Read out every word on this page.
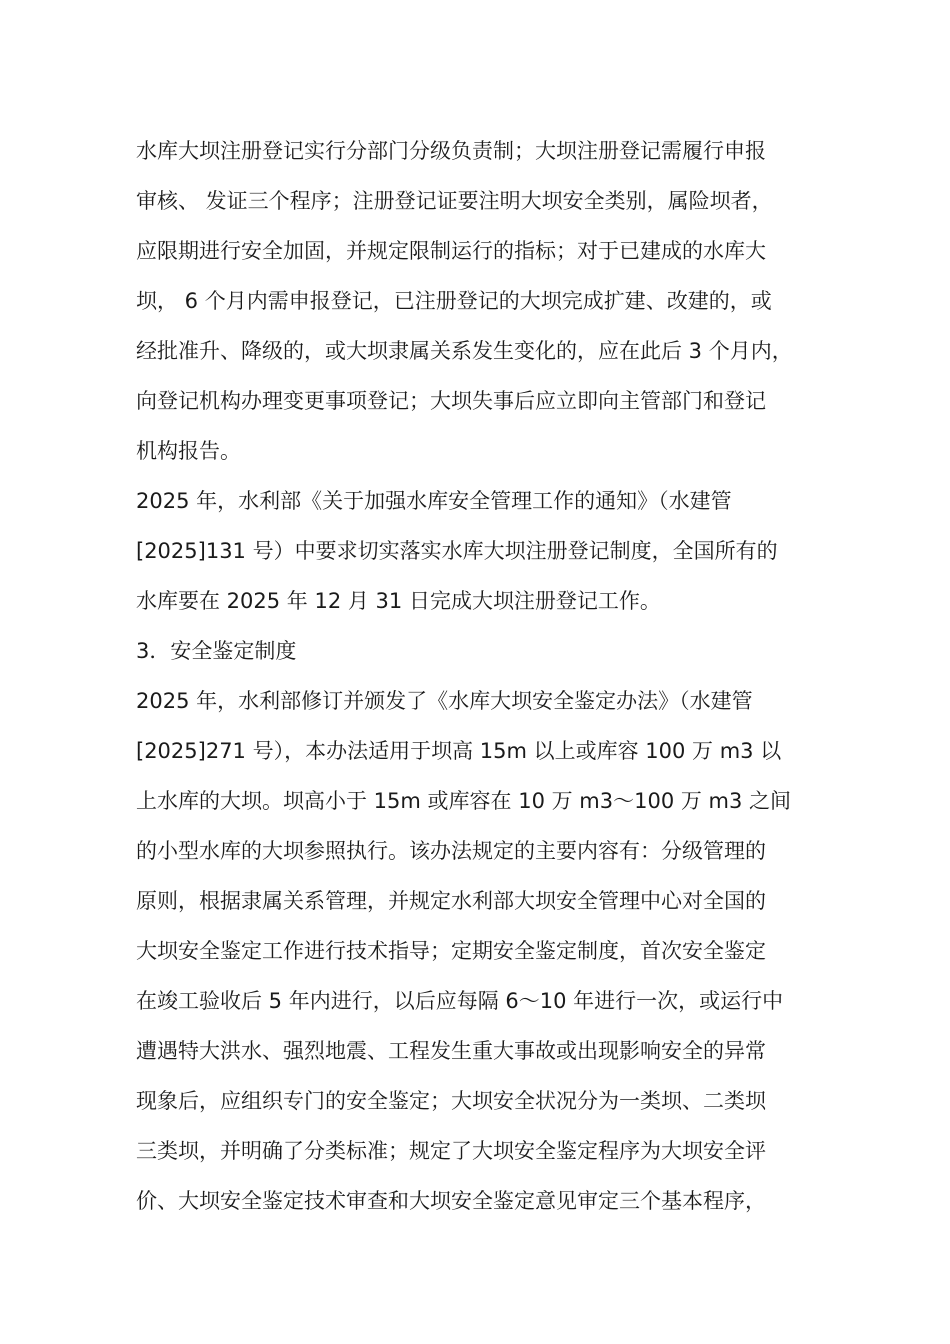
水库大坝注册登记实行分部门分级负责制；大坝注册登记需履行申报
审核、 发证三个程序；注册登记证要注明大坝安全类别，属险坝者，
应限期进行安全加固，并规定限制运行的指标；对于已建成的水库大
坝， 6 个月内需申报登记，已注册登记的大坝完成扩建、改建的，或
经批准升、降级的，或大坝隶属关系发生变化的，应在此后 3 个月内，
向登记机构办理变更事项登记；大坝失事后应立即向主管部门和登记
机构报告。
2025 年，水利部《关于加强水库安全管理工作的通知》（水建管
[2025]131 号）中要求切实落实水库大坝注册登记制度，全国所有的
水库要在 2025 年 12 月 31 日完成大坝注册登记工作。
3．安全鉴定制度
2025 年，水利部修订并颁发了《水库大坝安全鉴定办法》（水建管
[2025]271 号），本办法适用于坝高 15m 以上或库容 100 万 m3 以
上水库的大坝。坝高小于 15m 或库容在 10 万 m3～100 万 m3 之间
的小型水库的大坝参照执行。该办法规定的主要内容有：分级管理的
原则，根据隶属关系管理，并规定水利部大坝安全管理中心对全国的
大坝安全鉴定工作进行技术指导；定期安全鉴定制度，首次安全鉴定
在竣工验收后 5 年内进行，以后应每隔 6～10 年进行一次，或运行中
遭遇特大洪水、强烈地震、工程发生重大事故或出现影响安全的异常
现象后，应组织专门的安全鉴定；大坝安全状况分为一类坝、二类坝
三类坝，并明确了分类标准；规定了大坝安全鉴定程序为大坝安全评
价、大坝安全鉴定技术审查和大坝安全鉴定意见审定三个基本程序，
